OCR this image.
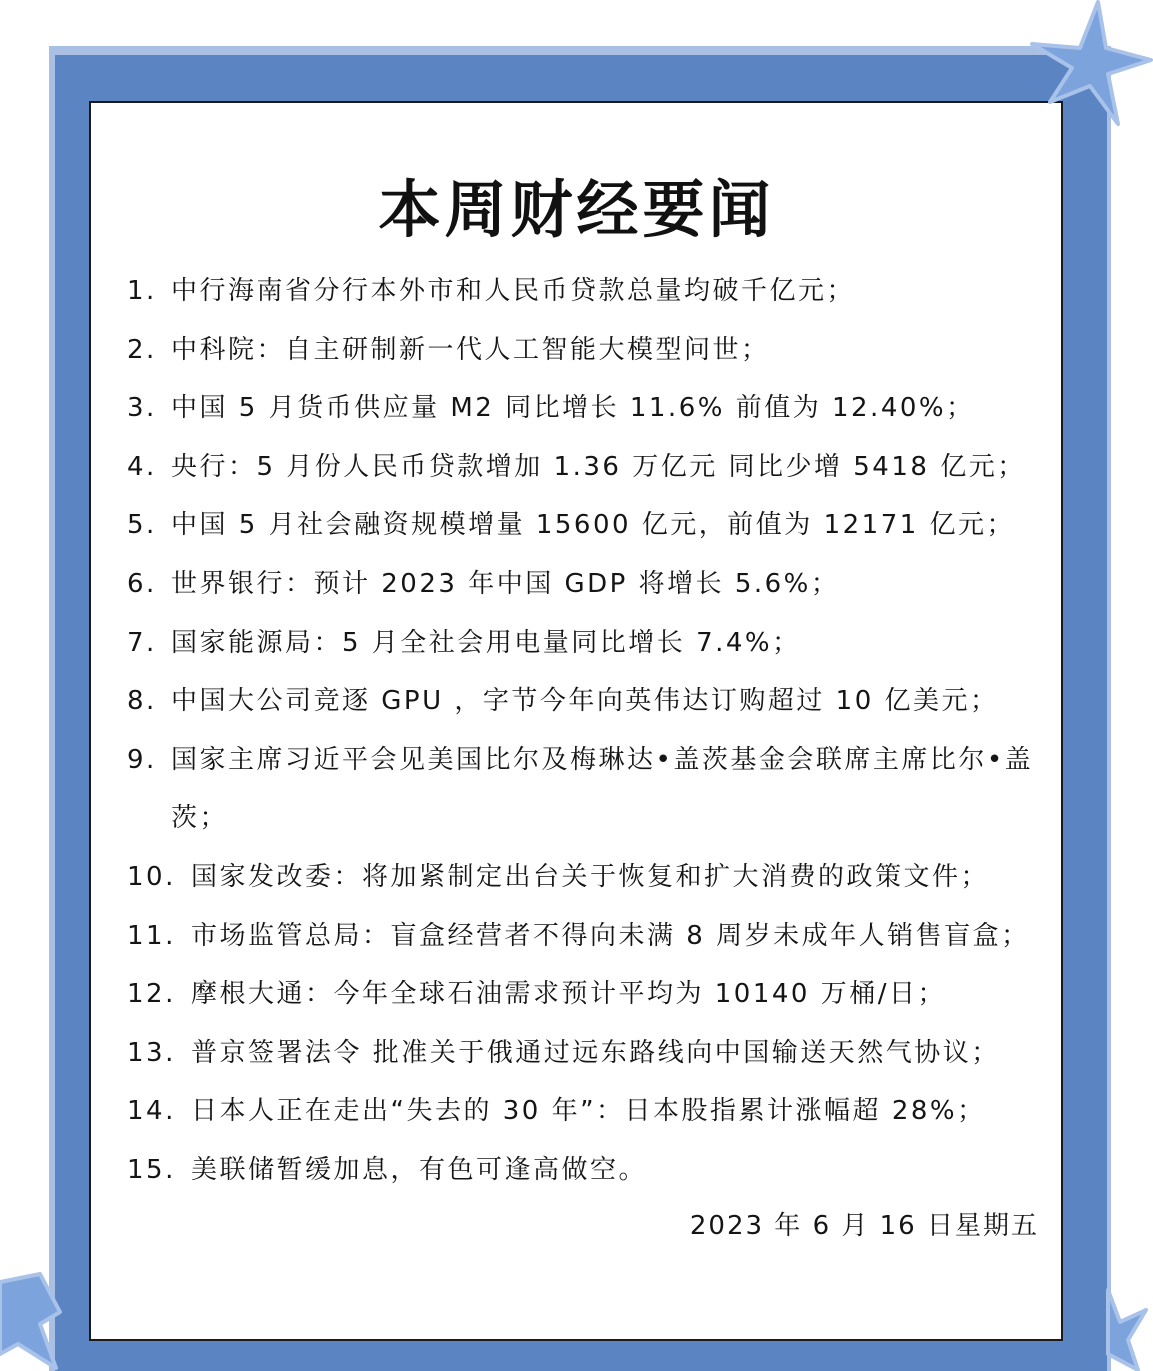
本周财经要闻
1. 中行海南省分行本外市和人民币贷款总量均破千亿元；
2. 中科院：自主研制新一代人工智能大模型问世；
3. 中国 5 月货币供应量 M2 同比增长 11.6% 前值为 12.40%；
4. 央行：5 月份人民币贷款增加 1.36 万亿元 同比少增 5418 亿元；
5. 中国 5 月社会融资规模增量 15600 亿元，前值为 12171 亿元；
6. 世界银行：预计 2023 年中国 GDP 将增长 5.6%；
7. 国家能源局：5 月全社会用电量同比增长 7.4%；
8. 中国大公司竞逐 GPU ，字节今年向英伟达订购超过 10 亿美元；
9. 国家主席习近平会见美国比尔及梅琳达•盖茨基金会联席主席比尔•盖茨；
10. 国家发改委：将加紧制定出台关于恢复和扩大消费的政策文件；
11. 市场监管总局：盲盒经营者不得向未满 8 周岁未成年人销售盲盒；
12. 摩根大通：今年全球石油需求预计平均为 10140 万桶/日；
13. 普京签署法令 批准关于俄通过远东路线向中国输送天然气协议；
14. 日本人正在走出“失去的 30 年”：日本股指累计涨幅超 28%；
15. 美联储暂缓加息，有色可逢高做空。
2023 年 6 月 16 日星期五
